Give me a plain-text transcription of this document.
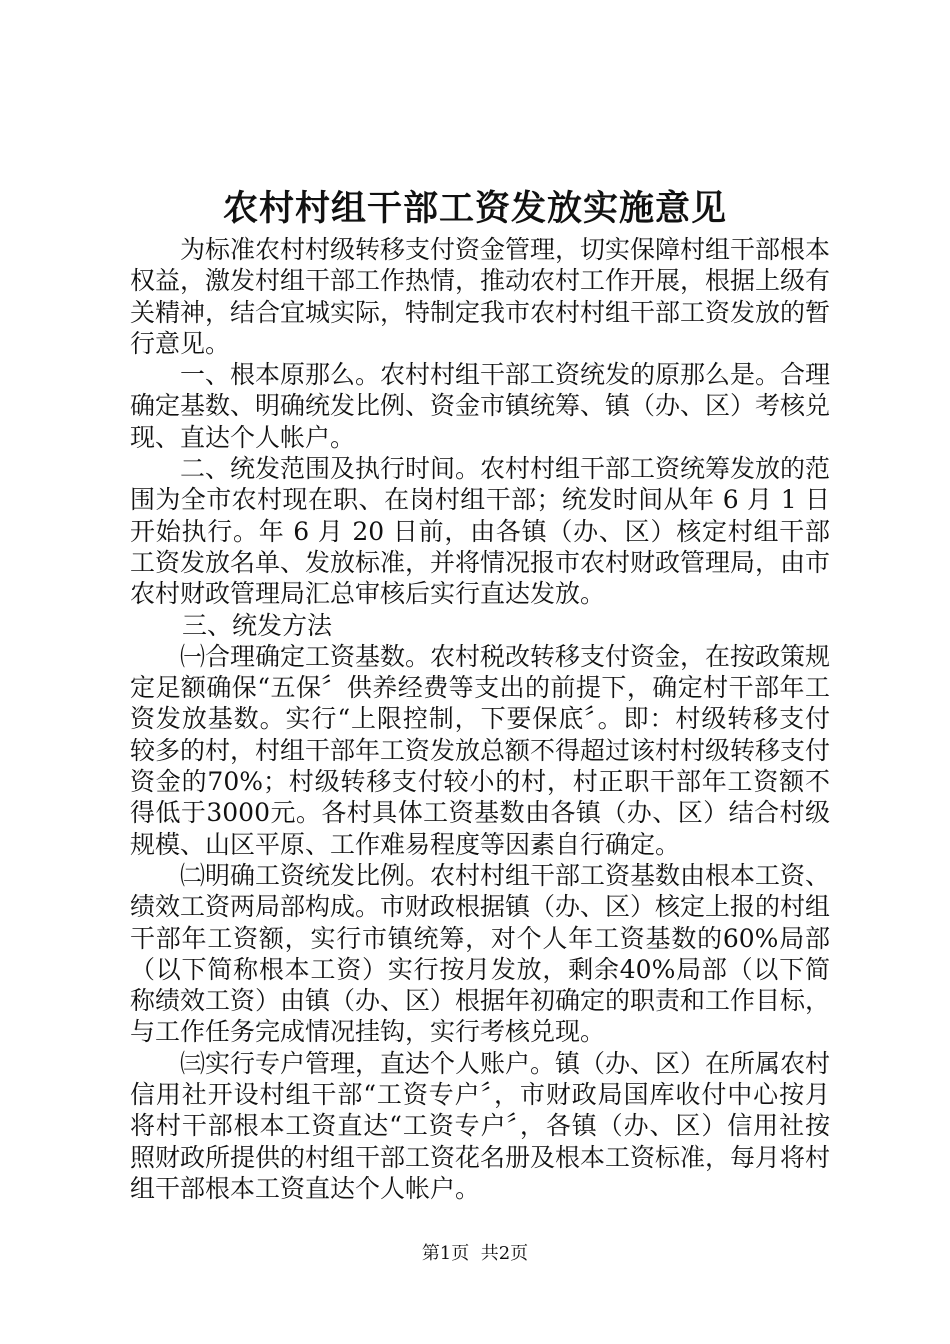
农村村组干部工资发放实施意见

为标准农村村级转移支付资金管理，切实保障村组干部根本权益，激发村组干部工作热情，推动农村工作开展，根据上级有关精神，结合宜城实际，特制定我市农村村组干部工资发放的暂行意见。

一、根本原那么。农村村组干部工资统发的原那么是。合理确定基数、明确统发比例、资金市镇统筹、镇（办、区）考核兑现、直达个人帐户。

二、统发范围及执行时间。农村村组干部工资统筹发放的范围为全市农村现在职、在岗村组干部；统发时间从年 6 月 1 日开始执行。年 6 月 20 日前，由各镇（办、区）核定村组干部工资发放名单、发放标准，并将情况报市农村财政管理局，由市农村财政管理局汇总审核后实行直达发放。

三、统发方法

㈠合理确定工资基数。农村税改转移支付资金，在按政策规定足额确保“五保〞供养经费等支出的前提下，确定村干部年工资发放基数。实行“上限控制，下要保底〞。即：村级转移支付较多的村，村组干部年工资发放总额不得超过该村村级转移支付资金的70%；村级转移支付较小的村，村正职干部年工资额不得低于3000元。各村具体工资基数由各镇（办、区）结合村级规模、山区平原、工作难易程度等因素自行确定。

㈡明确工资统发比例。农村村组干部工资基数由根本工资、绩效工资两局部构成。市财政根据镇（办、区）核定上报的村组干部年工资额，实行市镇统筹，对个人年工资基数的60%局部（以下简称根本工资）实行按月发放，剩余40%局部（以下简称绩效工资）由镇（办、区）根据年初确定的职责和工作目标，与工作任务完成情况挂钩，实行考核兑现。

㈢实行专户管理，直达个人账户。镇（办、区）在所属农村信用社开设村组干部“工资专户〞，市财政局国库收付中心按月将村干部根本工资直达“工资专户〞，各镇（办、区）信用社按照财政所提供的村组干部工资花名册及根本工资标准，每月将村组干部根本工资直达个人帐户。

第1页 共2页
